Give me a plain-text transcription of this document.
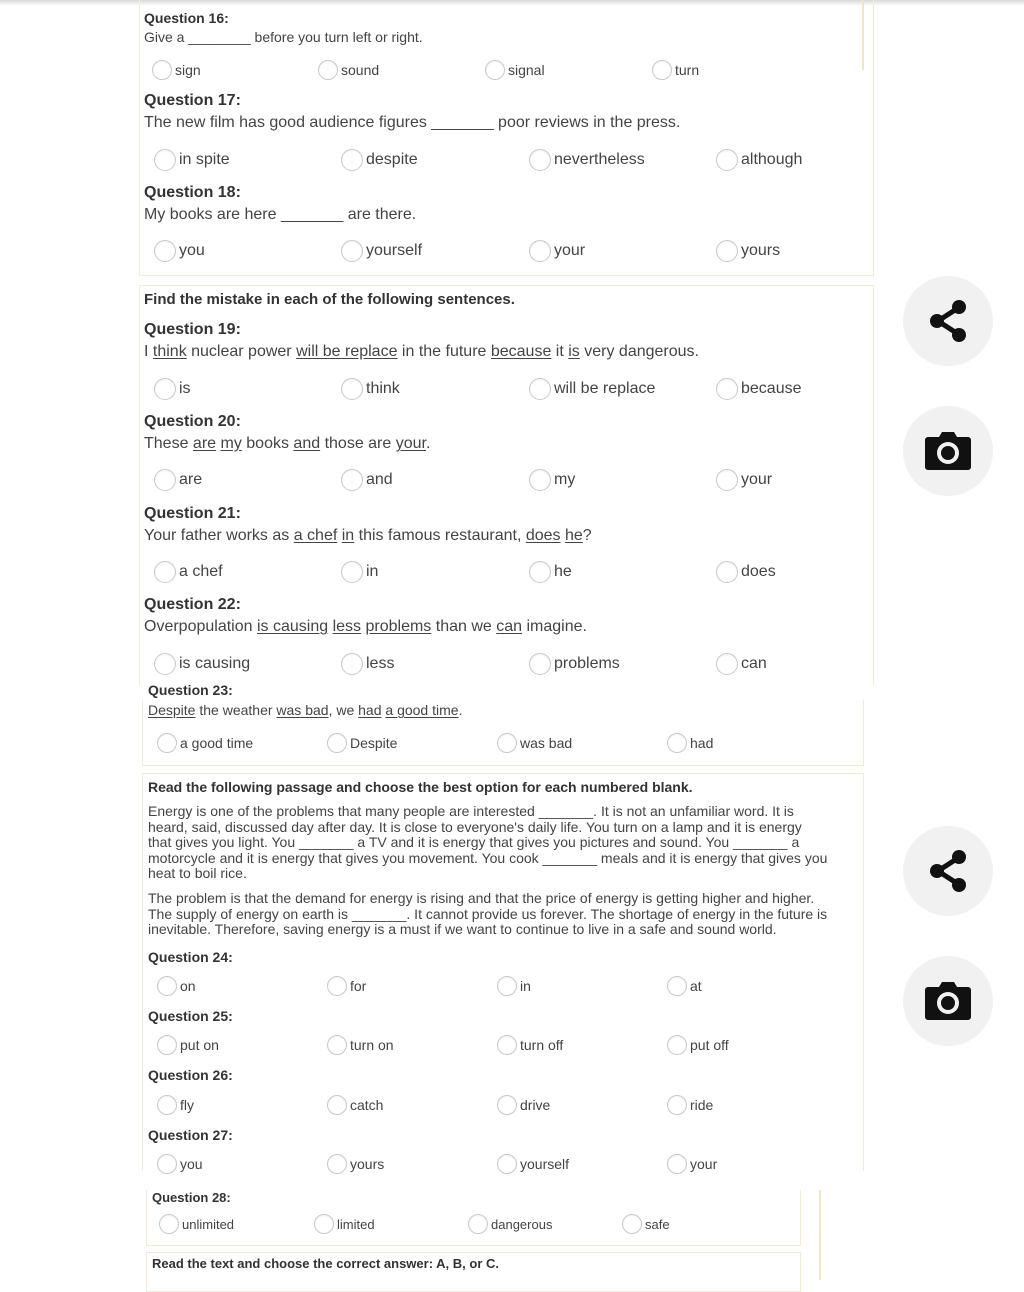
Question 16:
Give a ________ before you turn left or right.
sign	sound	signal	turn
Question 17:
The new film has good audience figures _______ poor reviews in the press.
in spite	despite	nevertheless	although
Question 18:
My books are here _______ are there.
you	yourself	your	yours
Find the mistake in each of the following sentences.
Question 19:
I think nuclear power will be replace in the future because it is very dangerous.
is	think	will be replace	because
Question 20:
These are my books and those are your.
are	and	my	your
Question 21:
Your father works as a chef in this famous restaurant, does he?
a chef	in	he	does
Question 22:
Overpopulation is causing less problems than we can imagine.
is causing	less	problems	can
Question 23:
Despite the weather was bad, we had a good time.
a good time	Despite	was bad	had
Read the following passage and choose the best option for each numbered blank.
Energy is one of the problems that many people are interested _______. It is not an unfamiliar word. It is
heard, said, discussed day after day. It is close to everyone's daily life. You turn on a lamp and it is energy
that gives you light. You _______ a TV and it is energy that gives you pictures and sound. You _______ a
motorcycle and it is energy that gives you movement. You cook _______ meals and it is energy that gives you
heat to boil rice.
The problem is that the demand for energy is rising and that the price of energy is getting higher and higher.
The supply of energy on earth is _______. It cannot provide us forever. The shortage of energy in the future is
inevitable. Therefore, saving energy is a must if we want to continue to live in a safe and sound world.
Question 24:
on	for	in	at
Question 25:
put on	turn on	turn off	put off
Question 26:
fly	catch	drive	ride
Question 27:
you	yours	yourself	your
Question 28:
unlimited	limited	dangerous	safe
Read the text and choose the correct answer: A, B, or C.
